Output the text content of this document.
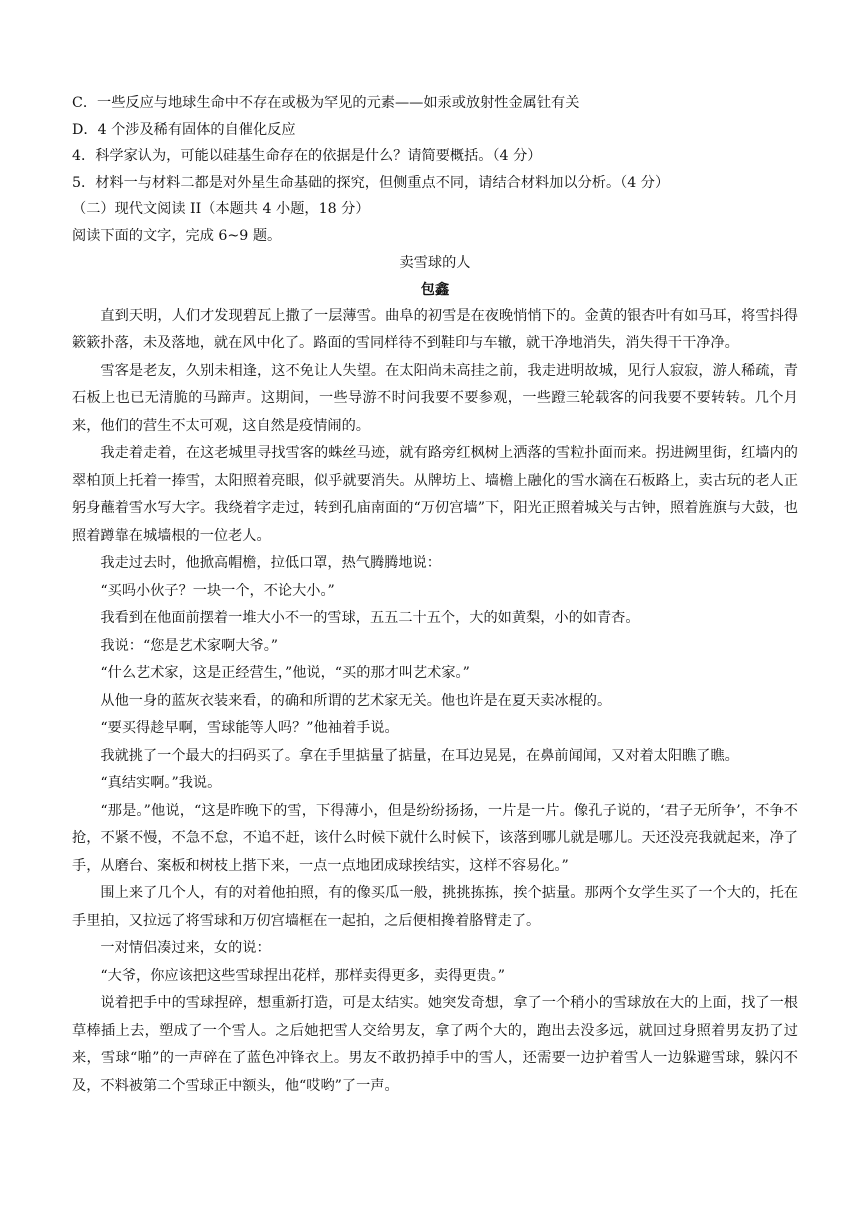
C．一些反应与地球生命中不存在或极为罕见的元素——如汞或放射性金属钍有关
D．4 个涉及稀有固体的自催化反应
4．科学家认为，可能以硅基生命存在的依据是什么？请简要概括。（4 分）
5．材料一与材料二都是对外星生命基础的探究，但侧重点不同，请结合材料加以分析。（4 分）
（二）现代文阅读 II（本题共 4 小题，18 分）
阅读下面的文字，完成 6~9 题。
卖雪球的人
包鑫

直到天明，人们才发现碧瓦上撒了一层薄雪。曲阜的初雪是在夜晚悄悄下的。金黄的银杏叶有如马耳，将雪抖得簌簌扑落，未及落地，就在风中化了。路面的雪同样待不到鞋印与车辙，就干净地消失，消失得干干净净。

雪客是老友，久别未相逢，这不免让人失望。在太阳尚未高挂之前，我走进明故城，见行人寂寂，游人稀疏，青石板上也已无清脆的马蹄声。这期间，一些导游不时问我要不要参观，一些蹬三轮载客的问我要不要转转。几个月来，他们的营生不太可观，这自然是疫情闹的。

我走着走着，在这老城里寻找雪客的蛛丝马迹，就有路旁红枫树上洒落的雪粒扑面而来。拐进阙里街，红墙内的翠柏顶上托着一捧雪，太阳照着亮眼，似乎就要消失。从牌坊上、墙檐上融化的雪水滴在石板路上，卖古玩的老人正躬身蘸着雪水写大字。我绕着字走过，转到孔庙南面的“万仞宫墙”下，阳光正照着城关与古钟，照着旌旗与大鼓，也照着蹲靠在城墙根的一位老人。

我走过去时，他掀高帽檐，拉低口罩，热气腾腾地说：

“买吗小伙子？一块一个，不论大小。”

我看到在他面前摆着一堆大小不一的雪球，五五二十五个，大的如黄梨，小的如青杏。

我说：“您是艺术家啊大爷。”

“什么艺术家，这是正经营生，”他说，“买的那才叫艺术家。”

从他一身的蓝灰衣装来看，的确和所谓的艺术家无关。他也许是在夏天卖冰棍的。

“要买得趁早啊，雪球能等人吗？”他袖着手说。

我就挑了一个最大的扫码买了。拿在手里掂量了掂量，在耳边晃晃，在鼻前闻闻，又对着太阳瞧了瞧。

“真结实啊。”我说。

“那是。”他说，“这是昨晚下的雪，下得薄小，但是纷纷扬扬，一片是一片。像孔子说的，‘君子无所争’，不争不抢，不紧不慢，不急不怠，不追不赶，该什么时候下就什么时候下，该落到哪儿就是哪儿。天还没亮我就起来，净了手，从磨台、案板和树枝上揩下来，一点一点地团成球挨结实，这样不容易化。”

围上来了几个人，有的对着他拍照，有的像买瓜一般，挑挑拣拣，挨个掂量。那两个女学生买了一个大的，托在手里拍，又拉远了将雪球和万仞宫墙框在一起拍，之后便相搀着胳臂走了。

一对情侣凑过来，女的说：

“大爷，你应该把这些雪球捏出花样，那样卖得更多，卖得更贵。”

说着把手中的雪球捏碎，想重新打造，可是太结实。她突发奇想，拿了一个稍小的雪球放在大的上面，找了一根草棒插上去，塑成了一个雪人。之后她把雪人交给男友，拿了两个大的，跑出去没多远，就回过身照着男友扔了过来，雪球“啪”的一声碎在了蓝色冲锋衣上。男友不敢扔掉手中的雪人，还需要一边护着雪人一边躲避雪球，躲闪不及，不料被第二个雪球正中额头，他“哎哟”了一声。
